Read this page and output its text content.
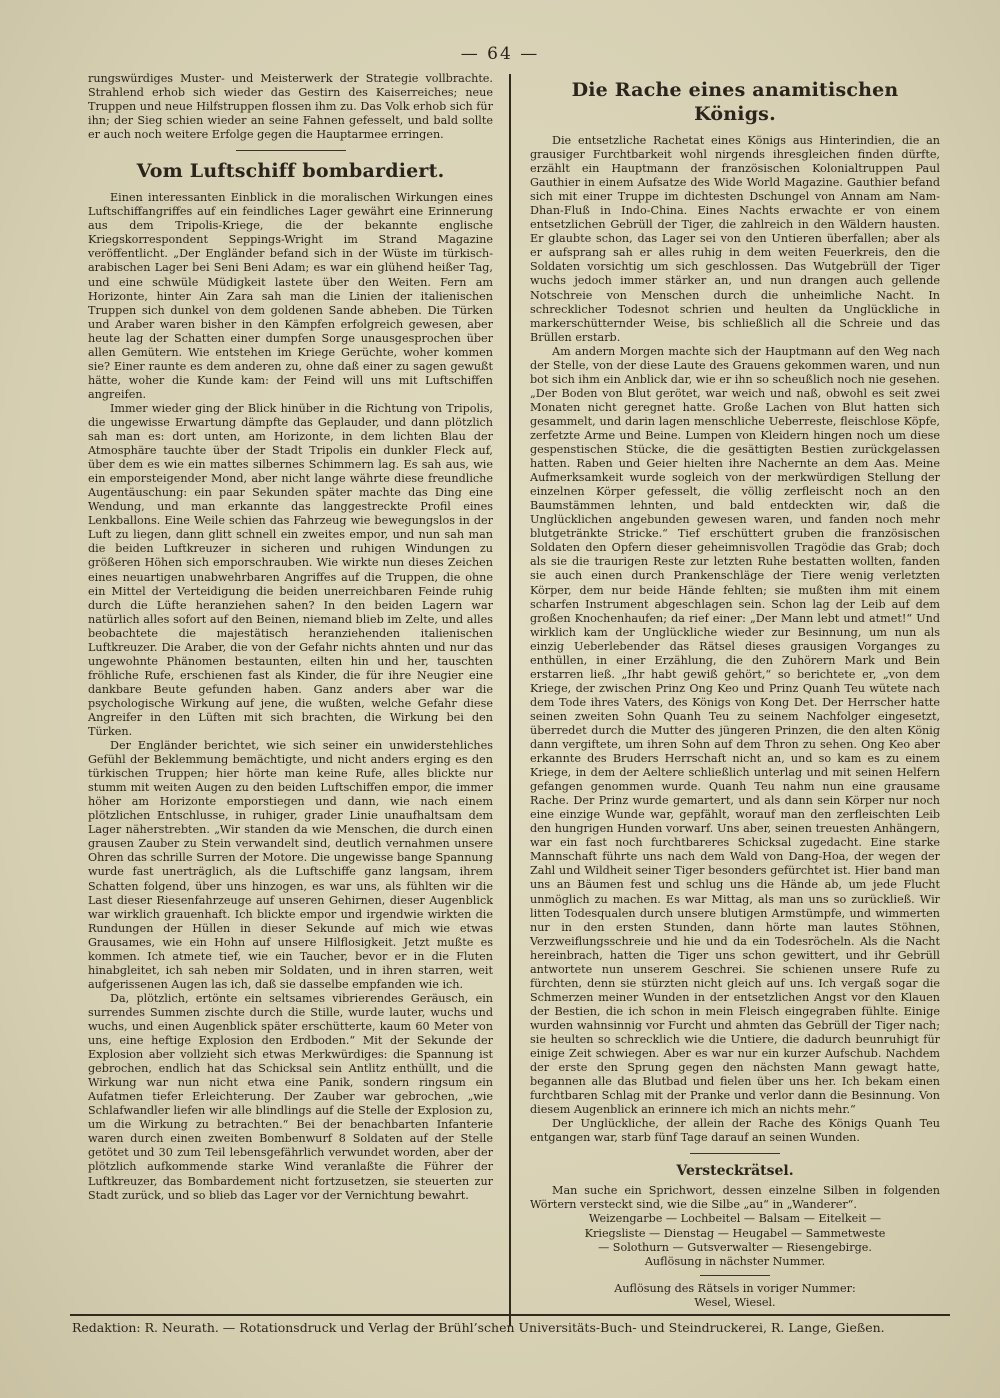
— 64 —

rungswürdiges Muster- und Meisterwerk der Strategie vollbrachte. Strahlend erhob sich wieder das Gestirn des Kaiserreiches; neue Truppen und neue Hilfstruppen flossen ihm zu. Das Volk erhob sich für ihn; der Sieg schien wieder an seine Fahnen gefesselt, und bald sollte er auch noch weitere Erfolge gegen die Hauptarmee erringen.

Vom Luftschiff bombardiert.

Einen interessanten Einblick in die moralischen Wirkungen eines Luftschiffangriffes auf ein feindliches Lager gewährt eine Erinnerung aus dem Tripolis-Kriege, die der bekannte englische Kriegskorrespondent Seppings-Wright im Strand Magazine veröffentlicht. „Der Engländer befand sich in der Wüste im türkisch-arabischen Lager bei Seni Beni Adam; es war ein glühend heißer Tag, und eine schwüle Müdigkeit lastete über den Weiten. Fern am Horizonte, hinter Ain Zara sah man die Linien der italienischen Truppen sich dunkel von dem goldenen Sande abheben. Die Türken und Araber waren bisher in den Kämpfen erfolgreich gewesen, aber heute lag der Schatten einer dumpfen Sorge unausgesprochen über allen Gemütern. Wie entstehen im Kriege Gerüchte, woher kommen sie? Einer raunte es dem anderen zu, ohne daß einer zu sagen gewußt hätte, woher die Kunde kam: der Feind will uns mit Luftschiffen angreifen.

Immer wieder ging der Blick hinüber in die Richtung von Tripolis, die ungewisse Erwartung dämpfte das Geplauder, und dann plötzlich sah man es: dort unten, am Horizonte, in dem lichten Blau der Atmosphäre tauchte über der Stadt Tripolis ein dunkler Fleck auf, über dem es wie ein mattes silbernes Schimmern lag. Es sah aus, wie ein emporsteigender Mond, aber nicht lange währte diese freundliche Augentäuschung: ein paar Sekunden später machte das Ding eine Wendung, und man erkannte das langgestreckte Profil eines Lenkballons. Eine Weile schien das Fahrzeug wie bewegungslos in der Luft zu liegen, dann glitt schnell ein zweites empor, und nun sah man die beiden Luftkreuzer in sicheren und ruhigen Windungen zu größeren Höhen sich emporschrauben. Wie wirkte nun dieses Zeichen eines neuartigen unabwehrbaren Angriffes auf die Truppen, die ohne ein Mittel der Verteidigung die beiden unerreichbaren Feinde ruhig durch die Lüfte heranziehen sahen? In den beiden Lagern war natürlich alles sofort auf den Beinen, niemand blieb im Zelte, und alles beobachtete die majestätisch heranziehenden italienischen Luftkreuzer. Die Araber, die von der Gefahr nichts ahnten und nur das ungewohnte Phänomen bestaunten, eilten hin und her, tauschten fröhliche Rufe, erschienen fast als Kinder, die für ihre Neugier eine dankbare Beute gefunden haben. Ganz anders aber war die psychologische Wirkung auf jene, die wußten, welche Gefahr diese Angreifer in den Lüften mit sich brachten, die Wirkung bei den Türken.

Der Engländer berichtet, wie sich seiner ein unwiderstehliches Gefühl der Beklemmung bemächtigte, und nicht anders erging es den türkischen Truppen; hier hörte man keine Rufe, alles blickte nur stumm mit weiten Augen zu den beiden Luftschiffen empor, die immer höher am Horizonte emporstiegen und dann, wie nach einem plötzlichen Entschlusse, in ruhiger, grader Linie unaufhaltsam dem Lager näherstrebten. „Wir standen da wie Menschen, die durch einen grausen Zauber zu Stein verwandelt sind, deutlich vernahmen unsere Ohren das schrille Surren der Motore. Die ungewisse bange Spannung wurde fast unerträglich, als die Luftschiffe ganz langsam, ihrem Schatten folgend, über uns hinzogen, es war uns, als fühlten wir die Last dieser Riesenfahrzeuge auf unseren Gehirnen, dieser Augenblick war wirklich grauenhaft. Ich blickte empor und irgendwie wirkten die Rundungen der Hüllen in dieser Sekunde auf mich wie etwas Grausames, wie ein Hohn auf unsere Hilflosigkeit. Jetzt mußte es kommen. Ich atmete tief, wie ein Taucher, bevor er in die Fluten hinabgleitet, ich sah neben mir Soldaten, und in ihren starren, weit aufgerissenen Augen las ich, daß sie dasselbe empfanden wie ich.

Da, plötzlich, ertönte ein seltsames vibrierendes Geräusch, ein surrendes Summen zischte durch die Stille, wurde lauter, wuchs und wuchs, und einen Augenblick später erschütterte, kaum 60 Meter von uns, eine heftige Explosion den Erdboden.“ Mit der Sekunde der Explosion aber vollzieht sich etwas Merkwürdiges: die Spannung ist gebrochen, endlich hat das Schicksal sein Antlitz enthüllt, und die Wirkung war nun nicht etwa eine Panik, sondern ringsum ein Aufatmen tiefer Erleichterung. Der Zauber war gebrochen, „wie Schlafwandler liefen wir alle blindlings auf die Stelle der Explosion zu, um die Wirkung zu betrachten.“ Bei der benachbarten Infanterie waren durch einen zweiten Bombenwurf 8 Soldaten auf der Stelle getötet und 30 zum Teil lebensgefährlich verwundet worden, aber der plötzlich aufkommende starke Wind veranlaßte die Führer der Luftkreuzer, das Bombardement nicht fortzusetzen, sie steuerten zur Stadt zurück, und so blieb das Lager vor der Vernichtung bewahrt.

Die Rache eines anamitischen Königs.

Die entsetzliche Rachetat eines Königs aus Hinterindien, die an grausiger Furchtbarkeit wohl nirgends ihresgleichen finden dürfte, erzählt ein Hauptmann der französischen Kolonialtruppen Paul Gauthier in einem Aufsatze des Wide World Magazine. Gauthier befand sich mit einer Truppe im dichtesten Dschungel von Annam am Nam-Dhan-Fluß in Indo-China. Eines Nachts erwachte er von einem entsetzlichen Gebrüll der Tiger, die zahlreich in den Wäldern hausten. Er glaubte schon, das Lager sei von den Untieren überfallen; aber als er aufsprang sah er alles ruhig in dem weiten Feuerkreis, den die Soldaten vorsichtig um sich geschlossen. Das Wutgebrüll der Tiger wuchs jedoch immer stärker an, und nun drangen auch gellende Notschreie von Menschen durch die unheimliche Nacht. In schrecklicher Todesnot schrien und heulten da Unglückliche in markerschütternder Weise, bis schließlich all die Schreie und das Brüllen erstarb.

Am andern Morgen machte sich der Hauptmann auf den Weg nach der Stelle, von der diese Laute des Grauens gekommen waren, und nun bot sich ihm ein Anblick dar, wie er ihn so scheußlich noch nie gesehen. „Der Boden von Blut gerötet, war weich und naß, obwohl es seit zwei Monaten nicht geregnet hatte. Große Lachen von Blut hatten sich gesammelt, und darin lagen menschliche Ueberreste, fleischlose Köpfe, zerfetzte Arme und Beine. Lumpen von Kleidern hingen noch um diese gespenstischen Stücke, die die gesättigten Bestien zurückgelassen hatten. Raben und Geier hielten ihre Nachernte an dem Aas. Meine Aufmerksamkeit wurde sogleich von der merkwürdigen Stellung der einzelnen Körper gefesselt, die völlig zerfleischt noch an den Baumstämmen lehnten, und bald entdeckten wir, daß die Unglücklichen angebunden gewesen waren, und fanden noch mehr blutgetränkte Stricke.“ Tief erschüttert gruben die französischen Soldaten den Opfern dieser geheimnisvollen Tragödie das Grab; doch als sie die traurigen Reste zur letzten Ruhe bestatten wollten, fanden sie auch einen durch Prankenschläge der Tiere wenig verletzten Körper, dem nur beide Hände fehlten; sie mußten ihm mit einem scharfen Instrument abgeschlagen sein. Schon lag der Leib auf dem großen Knochenhaufen; da rief einer: „Der Mann lebt und atmet!“ Und wirklich kam der Unglückliche wieder zur Besinnung, um nun als einzig Ueberlebender das Rätsel dieses grausigen Vorganges zu enthüllen, in einer Erzählung, die den Zuhörern Mark und Bein erstarren ließ. „Ihr habt gewiß gehört,“ so berichtete er, „von dem Kriege, der zwischen Prinz Ong Keo und Prinz Quanh Teu wütete nach dem Tode ihres Vaters, des Königs von Kong Det. Der Herrscher hatte seinen zweiten Sohn Quanh Teu zu seinem Nachfolger eingesetzt, überredet durch die Mutter des jüngeren Prinzen, die den alten König dann vergiftete, um ihren Sohn auf dem Thron zu sehen. Ong Keo aber erkannte des Bruders Herrschaft nicht an, und so kam es zu einem Kriege, in dem der Aeltere schließlich unterlag und mit seinen Helfern gefangen genommen wurde. Quanh Teu nahm nun eine grausame Rache. Der Prinz wurde gemartert, und als dann sein Körper nur noch eine einzige Wunde war, gepfählt, worauf man den zerfleischten Leib den hungrigen Hunden vorwarf. Uns aber, seinen treuesten Anhängern, war ein fast noch furchtbareres Schicksal zugedacht. Eine starke Mannschaft führte uns nach dem Wald von Dang-Hoa, der wegen der Zahl und Wildheit seiner Tiger besonders gefürchtet ist. Hier band man uns an Bäumen fest und schlug uns die Hände ab, um jede Flucht unmöglich zu machen. Es war Mittag, als man uns so zurückließ. Wir litten Todesqualen durch unsere blutigen Armstümpfe, und wimmerten nur in den ersten Stunden, dann hörte man lautes Stöhnen, Verzweiflungsschreie und hie und da ein Todesröcheln. Als die Nacht hereinbrach, hatten die Tiger uns schon gewittert, und ihr Gebrüll antwortete nun unserem Geschrei. Sie schienen unsere Rufe zu fürchten, denn sie stürzten nicht gleich auf uns. Ich vergaß sogar die Schmerzen meiner Wunden in der entsetzlichen Angst vor den Klauen der Bestien, die ich schon in mein Fleisch eingegraben fühlte. Einige wurden wahnsinnig vor Furcht und ahmten das Gebrüll der Tiger nach; sie heulten so schrecklich wie die Untiere, die dadurch beunruhigt für einige Zeit schwiegen. Aber es war nur ein kurzer Aufschub. Nachdem der erste den Sprung gegen den nächsten Mann gewagt hatte, begannen alle das Blutbad und fielen über uns her. Ich bekam einen furchtbaren Schlag mit der Pranke und verlor dann die Besinnung. Von diesem Augenblick an erinnere ich mich an nichts mehr.“

Der Unglückliche, der allein der Rache des Königs Quanh Teu entgangen war, starb fünf Tage darauf an seinen Wunden.

Versteckrätsel.

Man suche ein Sprichwort, dessen einzelne Silben in folgenden Wörtern versteckt sind, wie die Silbe „au“ in „Wanderer“.

Weizengarbe — Lochbeitel — Balsam — Eitelkeit —

Kriegsliste — Dienstag — Heugabel — Sammetweste

— Solothurn — Gutsverwalter — Riesengebirge.

Auflösung in nächster Nummer.

Auflösung des Rätsels in voriger Nummer:

Wesel, Wiesel.

Redaktion: R. Neurath. — Rotationsdruck und Verlag der Brühl’schen Universitäts-Buch- und Steindruckerei, R. Lange, Gießen.
